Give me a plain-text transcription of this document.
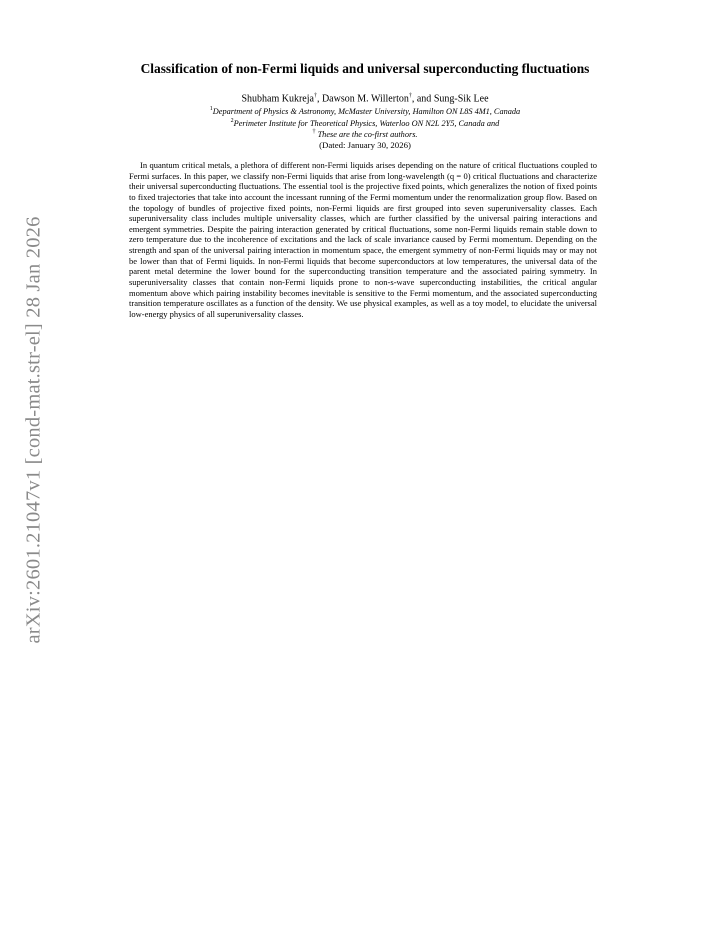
arXiv:2601.21047v1 [cond-mat.str-el] 28 Jan 2026
Classification of non-Fermi liquids and universal superconducting fluctuations
Shubham Kukreja†, Dawson M. Willerton†, and Sung-Sik Lee
$^1$Department of Physics & Astronomy, McMaster University, Hamilton ON L8S 4M1, Canada
$^2$Perimeter Institute for Theoretical Physics, Waterloo ON N2L 2Y5, Canada and
† These are the co-first authors.
(Dated: January 30, 2026)

In quantum critical metals, a plethora of different non-Fermi liquids arises depending on the nature of critical fluctuations coupled to Fermi surfaces. In this paper, we classify non-Fermi liquids that arise from long-wavelength (q = 0) critical fluctuations and characterize their universal superconducting fluctuations. The essential tool is the projective fixed points, which generalizes the notion of fixed points to fixed trajectories that take into account the incessant running of the Fermi momentum under the renormalization group flow. Based on the topology of bundles of projective fixed points, non-Fermi liquids are first grouped into seven superuniversality classes. Each superuniversality class includes multiple universality classes, which are further classified by the universal pairing interactions and emergent symmetries. Despite the pairing interaction generated by critical fluctuations, some non-Fermi liquids remain stable down to zero temperature due to the incoherence of excitations and the lack of scale invariance caused by Fermi momentum. Depending on the strength and span of the universal pairing interaction in momentum space, the emergent symmetry of non-Fermi liquids may or may not be lower than that of Fermi liquids. In non-Fermi liquids that become superconductors at low temperatures, the universal data of the parent metal determine the lower bound for the superconducting transition temperature and the associated pairing symmetry. In superuniversality classes that contain non-Fermi liquids prone to non-s-wave superconducting instabilities, the critical angular momentum above which pairing instability becomes inevitable is sensitive to the Fermi momentum, and the associated superconducting transition temperature oscillates as a function of the density. We use physical examples, as well as a toy model, to elucidate the universal low-energy physics of all superuniversality classes.
